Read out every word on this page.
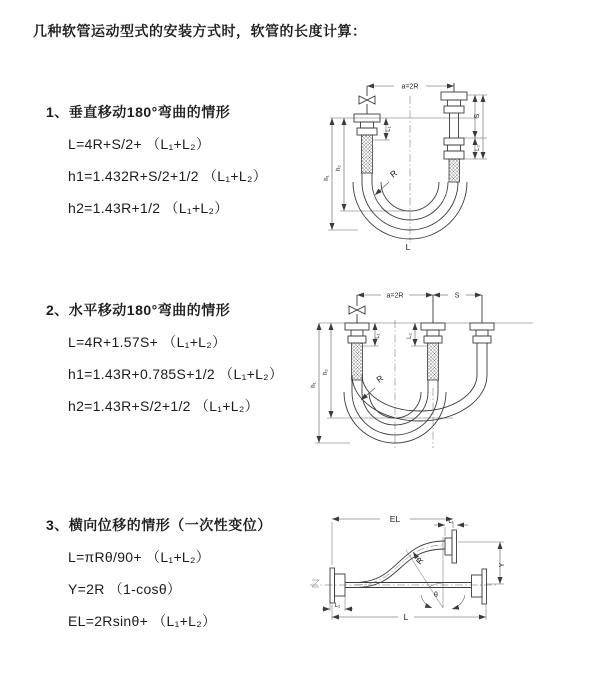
几种软管运动型式的安装方式时，软管的长度计算：
1、垂直移动180°弯曲的情形
L=4R+S/2+ （L₁+L₂）
h1=1.432R+S/2+1/2 （L₁+L₂）
h2=1.43R+1/2 （L₁+L₂）
2、水平移动180°弯曲的情形
L=4R+1.57S+ （L₁+L₂）
h1=1.43R+0.785S+1/2 （L₁+L₂）
h2=1.43R+S/2+1/2 （L₁+L₂）
3、横向位移的情形（一次性变位）
L=πRθ/90+ （L₁+L₂）
Y=2R （1-cosθ）
EL=2Rsinθ+ （L₁+L₂）
a=2R
L₁
S
L₂
h₁
h₂	R
L
a=2R	S
L₁	L₂
h₁
h₂
R
EL	L₁
Y
R
θ
L
L₂
